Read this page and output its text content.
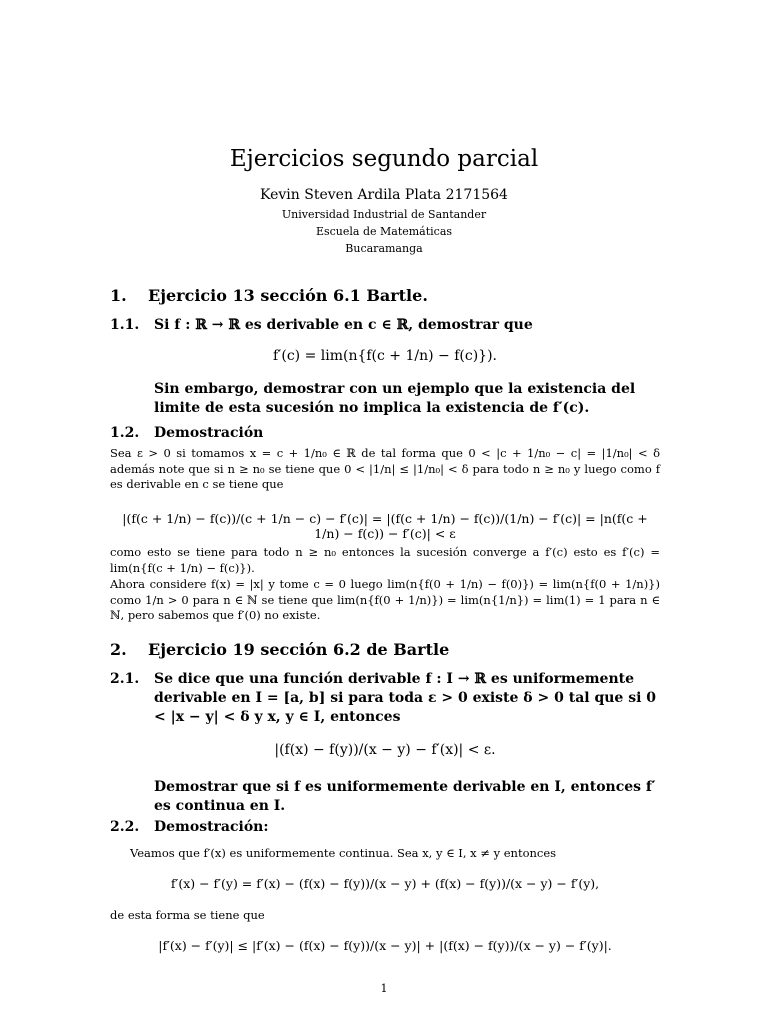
Ejercicios segundo parcial
Kevin Steven Ardila Plata 2171564
Universidad Industrial de Santander
Escuela de Matemáticas
Bucaramanga
1. Ejercicio 13 sección 6.1 Bartle.
1.1. Si f : ℝ → ℝ es derivable en c ∈ ℝ, demostrar que
f′(c) = lim(n{f(c + 1/n) − f(c)}).
Sin embargo, demostrar con un ejemplo que la existencia del limite de esta sucesión no implica la existencia de f′(c).
1.2. Demostración
Sea ε > 0 si tomamos x = c + 1/n₀ ∈ ℝ de tal forma que 0 < |c + 1/n₀ − c| = |1/n₀| < δ además note que si n ≥ n₀ se tiene que 0 < |1/n| ≤ |1/n₀| < δ para todo n ≥ n₀ y luego como f es derivable en c se tiene que
|(f(c + 1/n) − f(c))/(c + 1/n − c) − f′(c)| = |(f(c + 1/n) − f(c))/(1/n) − f′(c)| = |n(f(c + 1/n) − f(c)) − f′(c)| < ε
como esto se tiene para todo n ≥ n₀ entonces la sucesión converge a f′(c) esto es f′(c) = lim(n{f(c + 1/n) − f(c)}).
Ahora considere f(x) = |x| y tome c = 0 luego lim(n{f(0 + 1/n) − f(0)}) = lim(n{f(0 + 1/n)}) como 1/n > 0 para n ∈ ℕ se tiene que lim(n{f(0 + 1/n)}) = lim(n{1/n}) = lim(1) = 1 para n ∈ ℕ, pero sabemos que f′(0) no existe.
2. Ejercicio 19 sección 6.2 de Bartle
2.1. Se dice que una función derivable f : I → ℝ es uniformemente derivable en I = [a, b] si para toda ε > 0 existe δ > 0 tal que si 0 < |x − y| < δ y x, y ∈ I, entonces
|(f(x) − f(y))/(x − y) − f′(x)| < ε.
Demostrar que si f es uniformemente derivable en I, entonces f′ es continua en I.
2.2. Demostración:
Veamos que f′(x) es uniformemente continua. Sea x, y ∈ I, x ≠ y entonces
f′(x) − f′(y) = f′(x) − (f(x) − f(y))/(x − y) + (f(x) − f(y))/(x − y) − f′(y),
de esta forma se tiene que
|f′(x) − f′(y)| ≤ |f′(x) − (f(x) − f(y))/(x − y)| + |(f(x) − f(y))/(x − y) − f′(y)|.
1
